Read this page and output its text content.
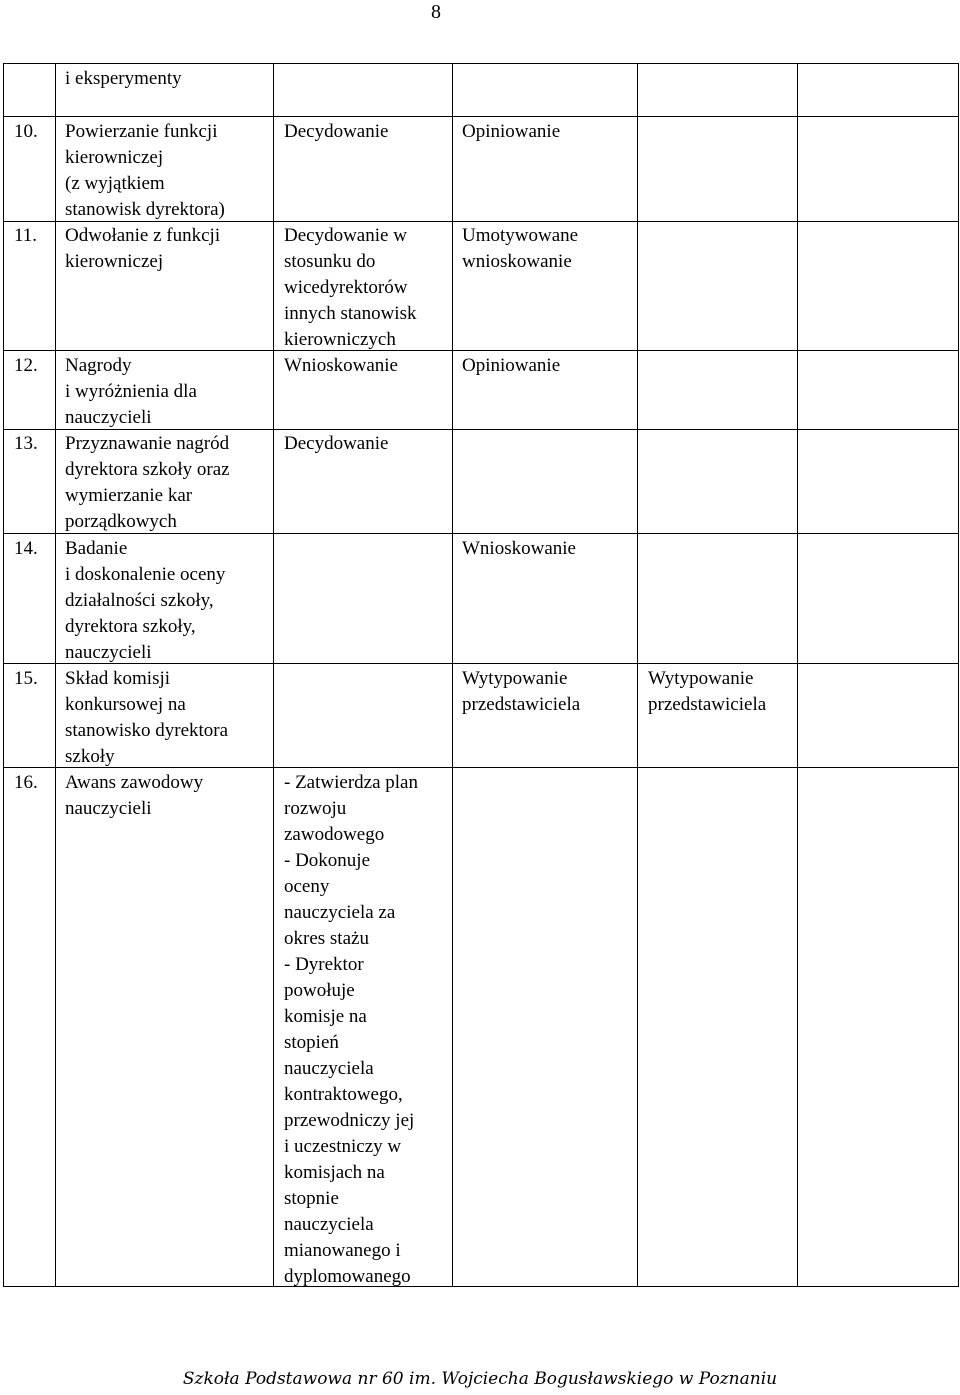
8
i eksperymenty
10. Powierzanie funkcji
kierowniczej
(z wyjątkiem
stanowisk dyrektora)
Decydowanie	Opiniowanie
11. Odwołanie z funkcji
kierowniczej
Decydowanie w
stosunku do
wicedyrektorów
innych stanowisk
kierowniczych
Umotywowane
wnioskowanie
12. Nagrody
i wyróżnienia dla
nauczycieli
Wnioskowanie	Opiniowanie
13. Przyznawanie nagród
dyrektora szkoły oraz
wymierzanie kar
porządkowych
Decydowanie
14. Badanie
i doskonalenie oceny
działalności szkoły,
dyrektora szkoły,
nauczycieli
Wnioskowanie
15. Skład komisji
konkursowej na
stanowisko dyrektora
szkoły
Wytypowanie
przedstawiciela
Wytypowanie
przedstawiciela
16. Awans zawodowy
nauczycieli
- Zatwierdza plan
rozwoju
zawodowego
- Dokonuje
oceny
nauczyciela za
okres stażu
- Dyrektor
powołuje
komisje na
stopień
nauczyciela
kontraktowego,
przewodniczy jej
i uczestniczy w
komisjach na
stopnie
nauczyciela
mianowanego i
dyplomowanego
Szkoła Podstawowa nr 60 im. Wojciecha Bogusławskiego w Poznaniu
